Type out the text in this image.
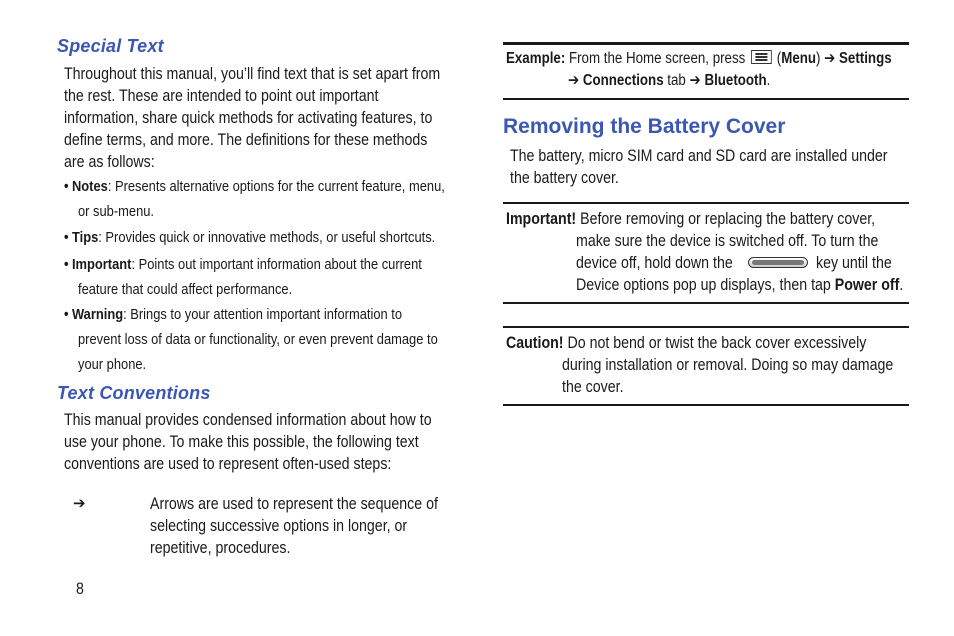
Special Text
Throughout this manual, you’ll find text that is set apart from
the rest. These are intended to point out important
information, share quick methods for activating features, to
define terms, and more. The definitions for these methods
are as follows:
• Notes: Presents alternative options for the current feature, menu,
or sub-menu.
• Tips: Provides quick or innovative methods, or useful shortcuts.
• Important: Points out important information about the current
feature that could affect performance.
• Warning: Brings to your attention important information to
prevent loss of data or functionality, or even prevent damage to
your phone.
Text Conventions
This manual provides condensed information about how to
use your phone. To make this possible, the following text
conventions are used to represent often-used steps:
➔	Arrows are used to represent the sequence of
selecting successive options in longer, or
repetitive, procedures.
8
Example: From the Home screen, press
(Menu) ➔ Settings
➔ Connections tab ➔ Bluetooth.
Removing the Battery Cover
The battery, micro SIM card and SD card are installed under
the battery cover.
Important! Before removing or replacing the battery cover,
make sure the device is switched off. To turn the
device off, hold down the
Device options pop up displays, then tap Power off.
key until the
Caution! Do not bend or twist the back cover excessively
during installation or removal. Doing so may damage
the cover.
